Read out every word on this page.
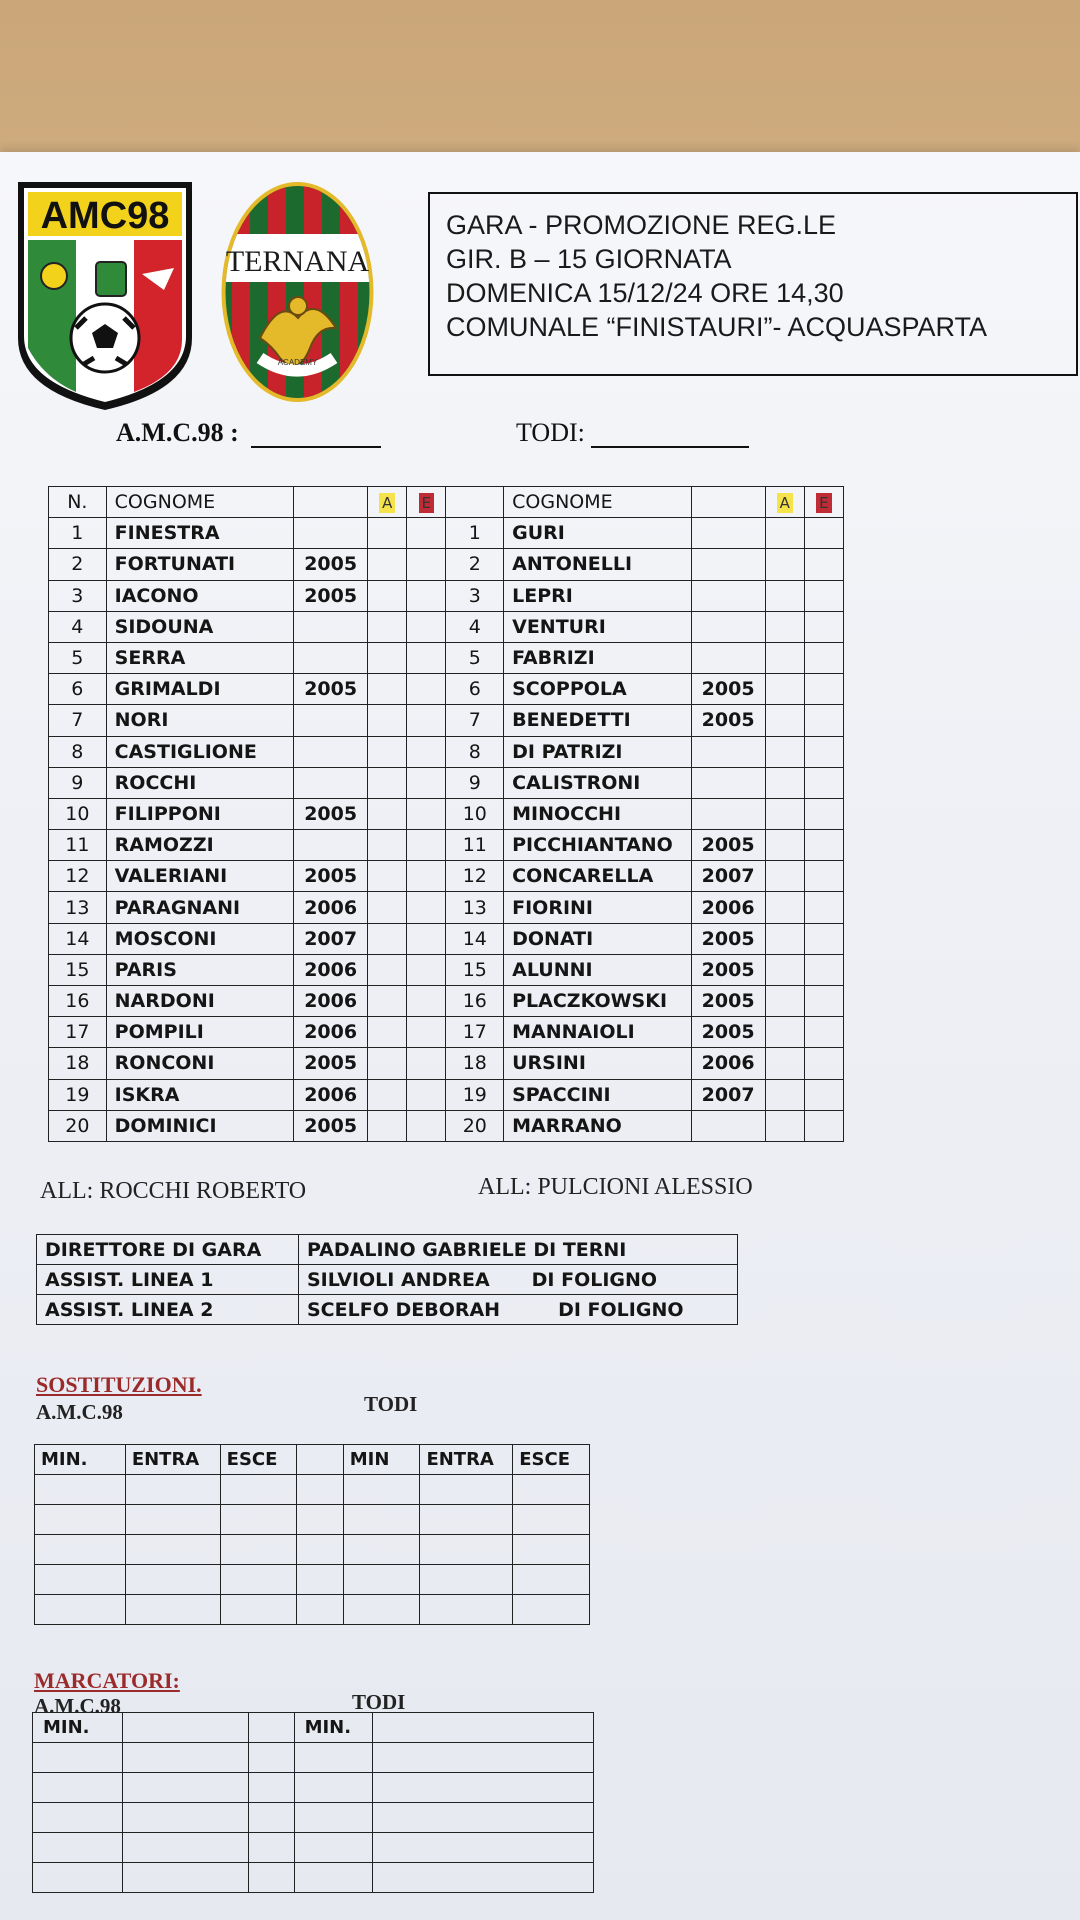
AMC98
TERNANA
ACADEMY
GARA - PROMOZIONE REG.LE
GIR. B – 15 GIORNATA
DOMENICA 15/12/24 ORE 14,30
COMUNALE “FINISTAURI”- ACQUASPARTA
A.M.C.98 :	TODI:
N.	COGNOME		A	E		COGNOME		A	E
1	FINESTRA				1	GURI			
2	FORTUNATI	2005			2	ANTONELLI			
3	IACONO	2005			3	LEPRI			
4	SIDOUNA				4	VENTURI			
5	SERRA				5	FABRIZI			
6	GRIMALDI	2005			6	SCOPPOLA	2005		
7	NORI				7	BENEDETTI	2005		
8	CASTIGLIONE				8	DI PATRIZI			
9	ROCCHI				9	CALISTRONI			
10	FILIPPONI	2005			10	MINOCCHI			
11	RAMOZZI				11	PICCHIANTANO	2005		
12	VALERIANI	2005			12	CONCARELLA	2007		
13	PARAGNANI	2006			13	FIORINI	2006		
14	MOSCONI	2007			14	DONATI	2005		
15	PARIS	2006			15	ALUNNI	2005		
16	NARDONI	2006			16	PLACZKOWSKI	2005		
17	POMPILI	2006			17	MANNAIOLI	2005		
18	RONCONI	2005			18	URSINI	2006		
19	ISKRA	2006			19	SPACCINI	2007		
20	DOMINICI	2005			20	MARRANO			
ALL: ROCCHI ROBERTO	ALL: PULCIONI ALESSIO
DIRETTORE DI GARA	PADALINO GABRIELE DI TERNI
ASSIST. LINEA 1	SILVIOLI ANDREA DI FOLIGNO
ASSIST. LINEA 2	SCELFO DEBORAH DI FOLIGNO
SOSTITUZIONI.
A.M.C.98	TODI
MIN.	ENTRA	ESCE		MIN	ENTRA	ESCE

MARCATORI:
A.M.C.98	TODI
MIN.			MIN.	
